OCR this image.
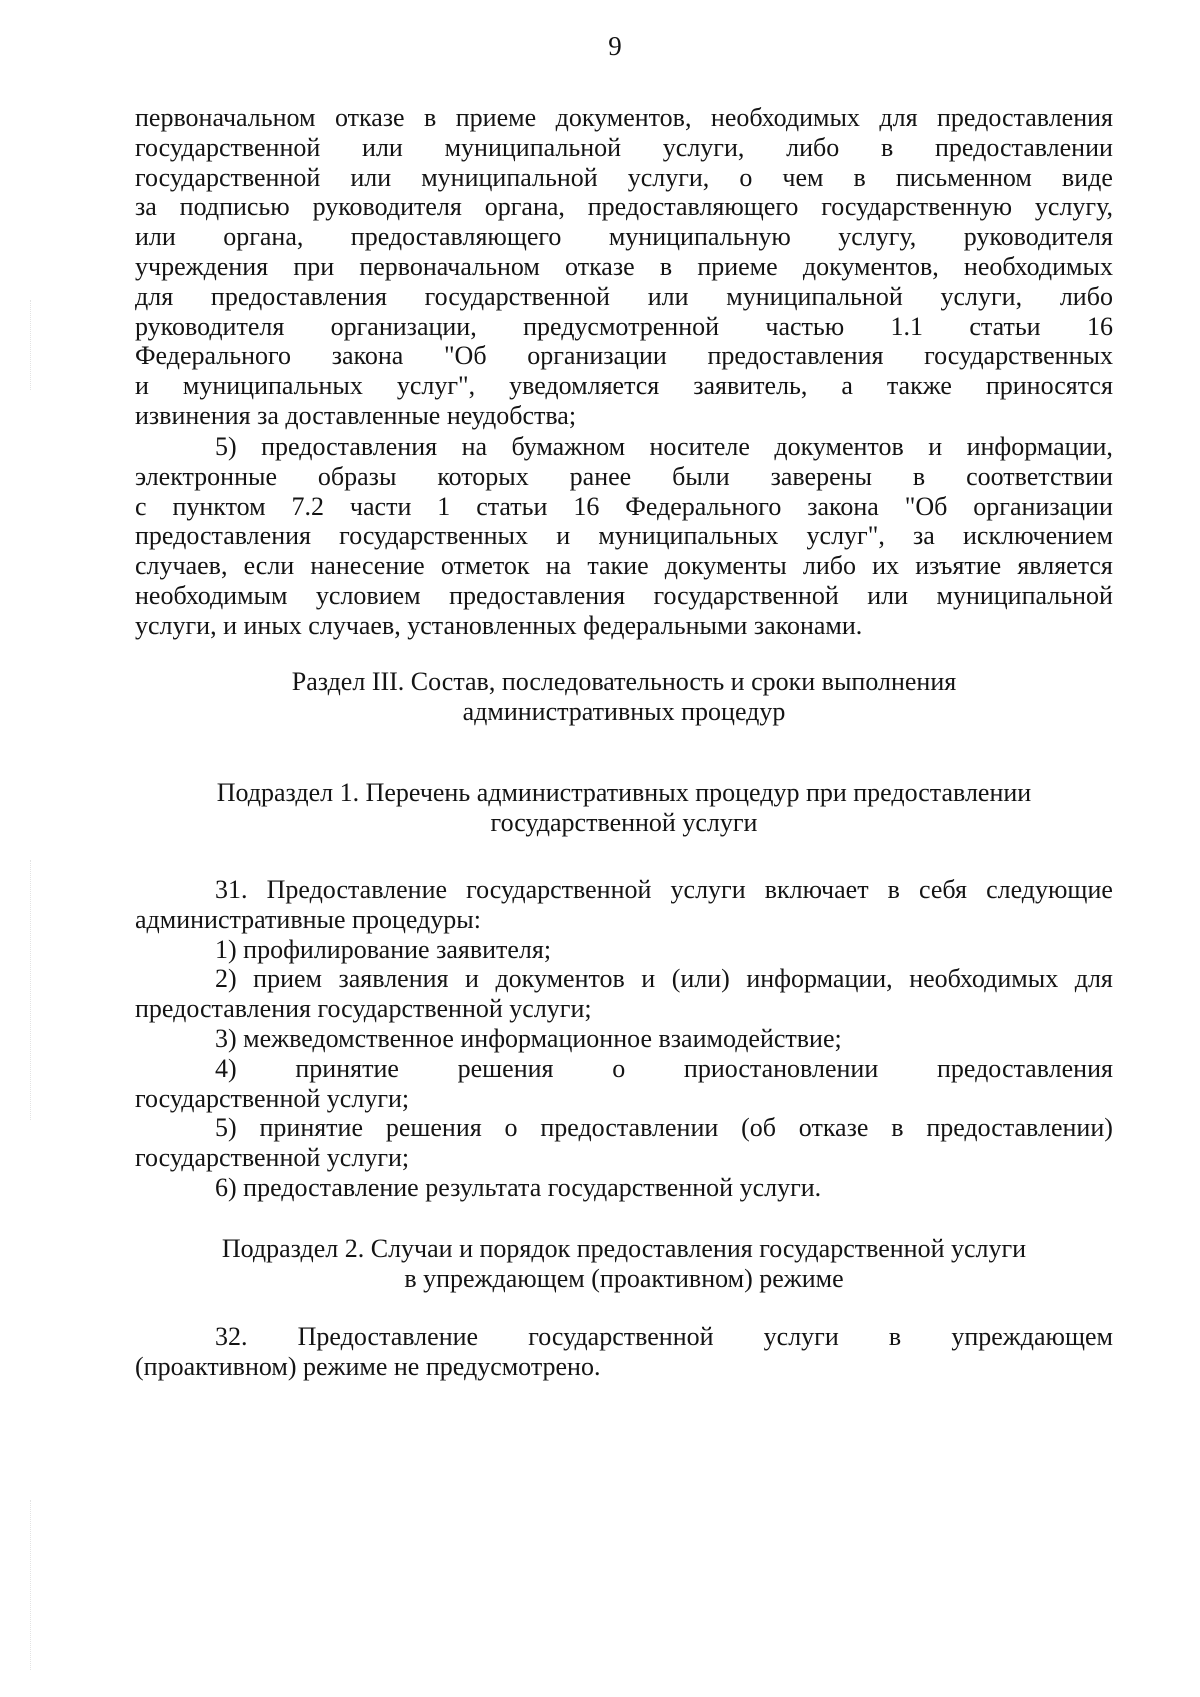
9
первоначальном отказе в приеме документов, необходимых для предоставления
государственной или муниципальной услуги, либо в предоставлении
государственной или муниципальной услуги, о чем в письменном виде
за подписью руководителя органа, предоставляющего государственную услугу,
или органа, предоставляющего муниципальную услугу, руководителя
учреждения при первоначальном отказе в приеме документов, необходимых
для предоставления государственной или муниципальной услуги, либо
руководителя организации, предусмотренной частью 1.1 статьи 16
Федерального закона "Об организации предоставления государственных
и муниципальных услуг", уведомляется заявитель, а также приносятся
извинения за доставленные неудобства;
5) предоставления на бумажном носителе документов и информации,
электронные образы которых ранее были заверены в соответствии
с пунктом 7.2 части 1 статьи 16 Федерального закона "Об организации
предоставления государственных и муниципальных услуг", за исключением
случаев, если нанесение отметок на такие документы либо их изъятие является
необходимым условием предоставления государственной или муниципальной
услуги, и иных случаев, установленных федеральными законами.
Раздел III. Состав, последовательность и сроки выполнения
административных процедур
Подраздел 1. Перечень административных процедур при предоставлении
государственной услуги
31. Предоставление государственной услуги включает в себя следующие
административные процедуры:
1) профилирование заявителя;
2) прием заявления и документов и (или) информации, необходимых для
предоставления государственной услуги;
3) межведомственное информационное взаимодействие;
4) принятие решения о приостановлении предоставления
государственной услуги;
5) принятие решения о предоставлении (об отказе в предоставлении)
государственной услуги;
6) предоставление результата государственной услуги.
Подраздел 2. Случаи и порядок предоставления государственной услуги
в упреждающем (проактивном) режиме
32. Предоставление государственной услуги в упреждающем
(проактивном) режиме не предусмотрено.
